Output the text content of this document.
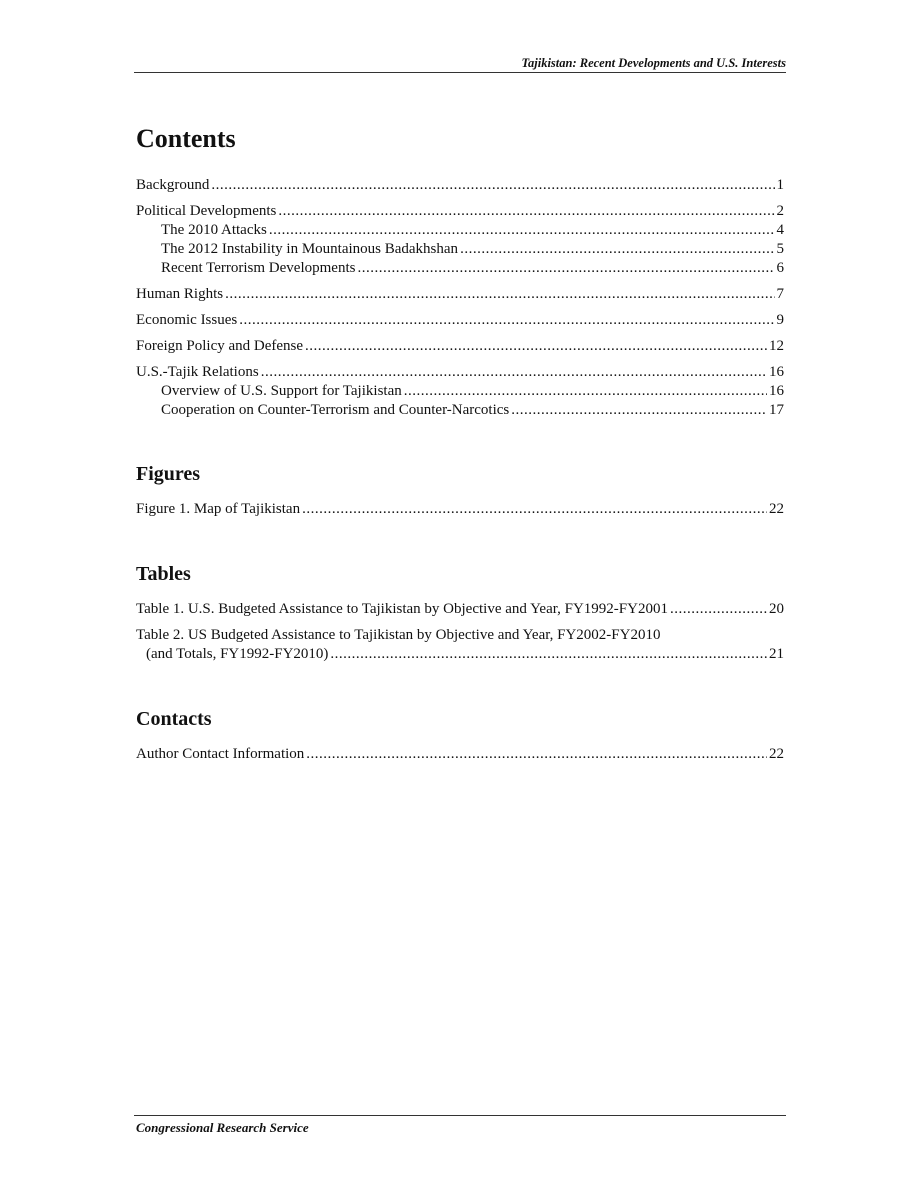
Tajikistan: Recent Developments and U.S. Interests
Contents
Background .....	1
Political Developments .....	2
The 2010 Attacks .....	4
The 2012 Instability in Mountainous Badakhshan .....	5
Recent Terrorism Developments .....	6
Human Rights .....	7
Economic Issues .....	9
Foreign Policy and Defense .....	12
U.S.-Tajik Relations .....	16
Overview of U.S. Support for Tajikistan .....	16
Cooperation on Counter-Terrorism and Counter-Narcotics .....	17
Figures
Figure 1. Map of Tajikistan .....	22
Tables
Table 1. U.S. Budgeted Assistance to Tajikistan by Objective and Year, FY1992-FY2001 .....	20
Table 2. US Budgeted Assistance to Tajikistan by Objective and Year, FY2002-FY2010
(and Totals, FY1992-FY2010) .....	21
Contacts
Author Contact Information .....	22
Congressional Research Service
